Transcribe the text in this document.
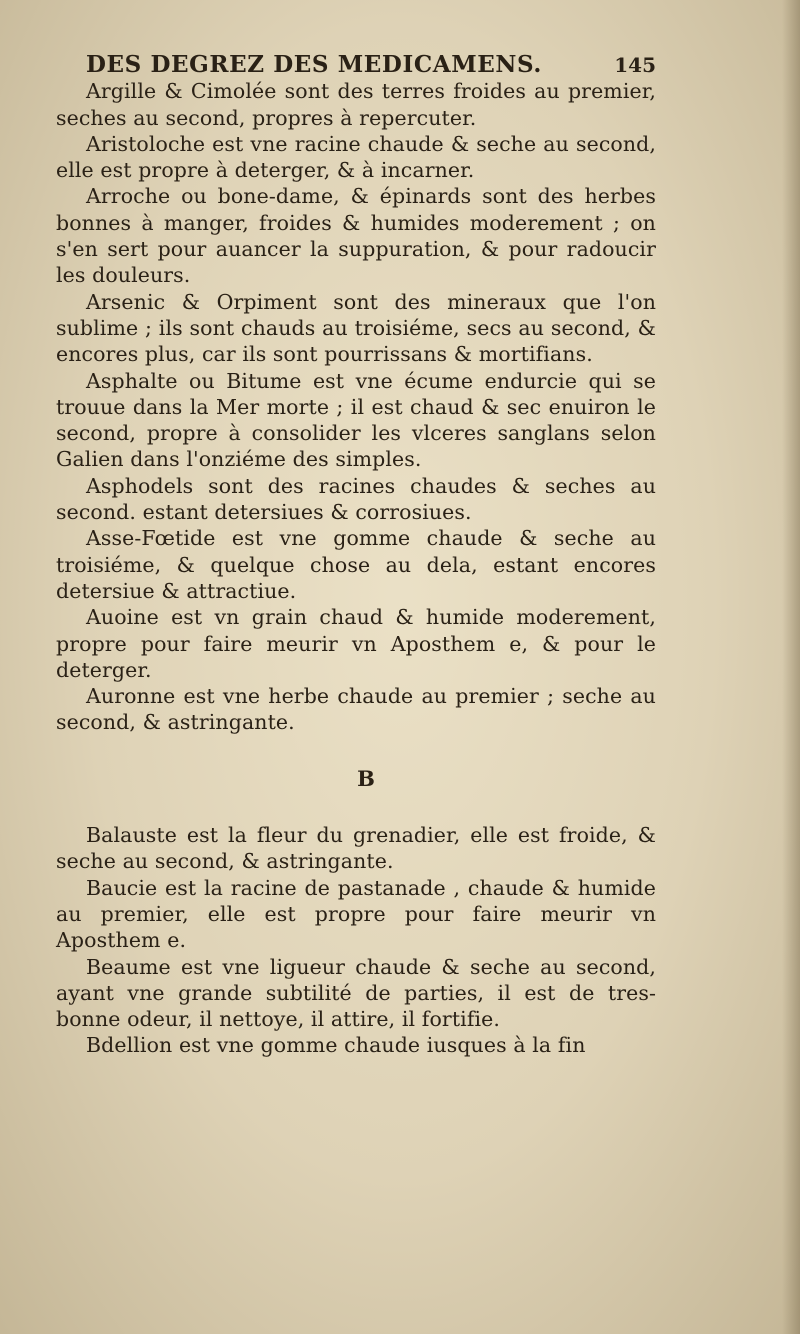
DES DEGREZ DES MEDICAMENS.	145

Argille & Cimolée sont des terres froides au premier, seches au second, propres à repercuter.

Aristoloche est vne racine chaude & seche au second, elle est propre à deterger, & à incarner.

Arroche ou bone-dame, & épinards sont des herbes bonnes à manger, froides & humides moderement ; on s'en sert pour auancer la suppuration, & pour radoucir les douleurs.

Arsenic & Orpiment sont des mineraux que l'on sublime ; ils sont chauds au troisiéme, secs au second, & encores plus, car ils sont pourrissans & mortifians.

Asphalte ou Bitume est vne écume endurcie qui se trouue dans la Mer morte ; il est chaud & sec enuiron le second, propre à consolider les vlceres sanglans selon Galien dans l'onziéme des simples.

Asphodels sont des racines chaudes & seches au second. estant detersiues & corrosiues.

Asse-Fœtide est vne gomme chaude & seche au troisiéme, & quelque chose au dela, estant encores detersiue & attractiue.

Auoine est vn grain chaud & humide moderement, propre pour faire meurir vn Aposthem e, & pour le deterger.

Auronne est vne herbe chaude au premier ; seche au second, & astringante.

B

Balauste est la fleur du grenadier, elle est froide, & seche au second, & astringante.

Baucie est la racine de pastanade , chaude & humide au premier, elle est propre pour faire meurir vn Aposthem e.

Beaume est vne ligueur chaude & seche au second, ayant vne grande subtilité de parties, il est de tres-bonne odeur, il nettoye, il attire, il fortifie.

Bdellion est vne gomme chaude iusques à la fin
